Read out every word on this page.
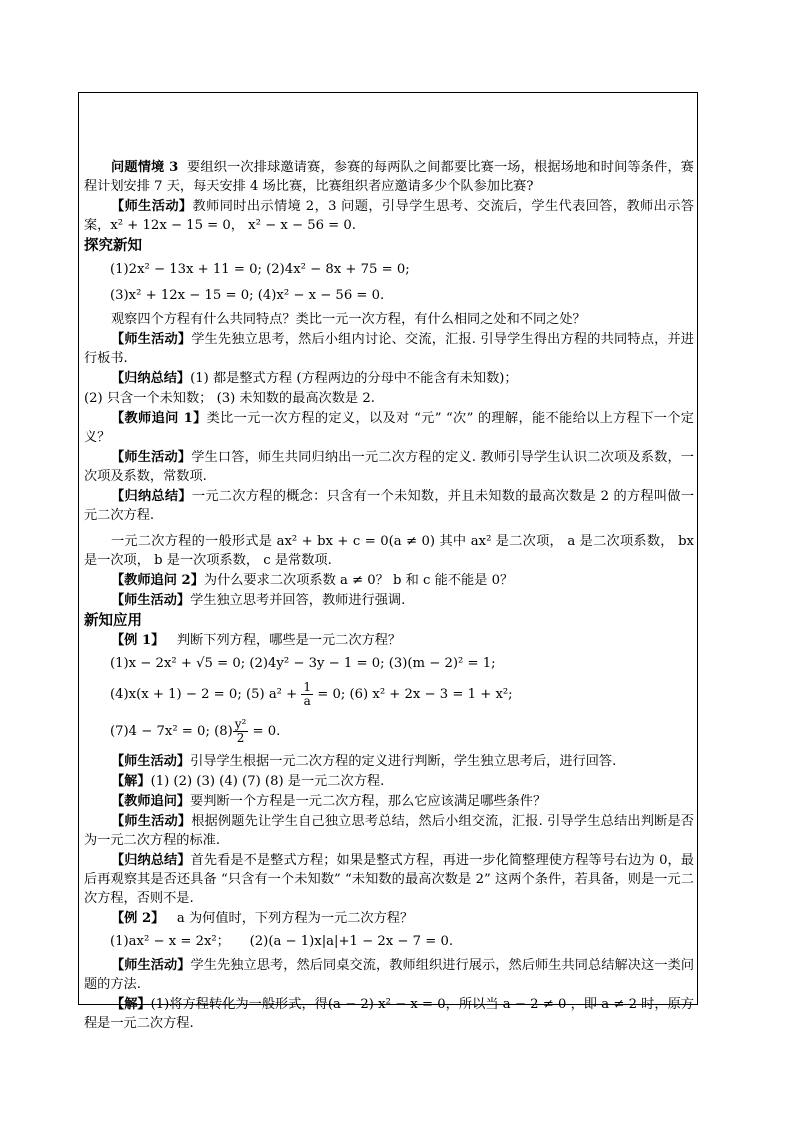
问题情境 3 要组织一次排球邀请赛，参赛的每两队之间都要比赛一场，根据场地和时间等条件，赛程计划安排 7 天，每天安排 4 场比赛，比赛组织者应邀请多少个队参加比赛?

【师生活动】教师同时出示情境 2，3 问题，引导学生思考、交流后，学生代表回答，教师出示答案，x² + 12x − 15 = 0， x² − x − 56 = 0.

探究新知

(1)2x² − 13x + 11 = 0; (2)4x² − 8x + 75 = 0;

(3)x² + 12x − 15 = 0; (4)x² − x − 56 = 0.

观察四个方程有什么共同特点？类比一元一次方程，有什么相同之处和不同之处？

【师生活动】学生先独立思考，然后小组内讨论、交流，汇报. 引导学生得出方程的共同特点，并进行板书.

【归纳总结】(1) 都是整式方程 (方程两边的分母中不能含有未知数)；

(2) 只含一个未知数； (3) 未知数的最高次数是 2.

【教师追问 1】类比一元一次方程的定义，以及对 “元” “次” 的理解，能不能给以上方程下一个定义？

【师生活动】学生口答，师生共同归纳出一元二次方程的定义. 教师引导学生认识二次项及系数，一次项及系数，常数项.

【归纳总结】一元二次方程的概念：只含有一个未知数，并且未知数的最高次数是 2 的方程叫做一元二次方程.

一元二次方程的一般形式是 ax² + bx + c = 0(a ≠ 0) 其中 ax² 是二次项， a 是二次项系数， bx 是一次项， b 是一次项系数， c 是常数项.

【教师追问 2】为什么要求二次项系数 a ≠ 0？ b 和 c 能不能是 0？

【师生活动】学生独立思考并回答，教师进行强调.

新知应用

【例 1】 判断下列方程，哪些是一元二次方程？

(1)x − 2x² + √5 = 0; (2)4y² − 3y − 1 = 0; (3)(m − 2)² = 1;

(4)x(x + 1) − 2 = 0; (5) $a^2 + \frac{1}{a} = 0$; (6) x² + 2x − 3 = 1 + x²;

(7)4 − 7x² = 0; $(8) \frac{\text{y²}}{2} = 0$.

【师生活动】引导学生根据一元二次方程的定义进行判断，学生独立思考后，进行回答.

【解】(1) (2) (3) (4) (7) (8) 是一元二次方程.

【教师追问】要判断一个方程是一元二次方程，那么它应该满足哪些条件？

【师生活动】根据例题先让学生自己独立思考总结，然后小组交流，汇报. 引导学生总结出判断是否为一元二次方程的标准.

【归纳总结】首先看是不是整式方程；如果是整式方程，再进一步化简整理使方程等号右边为 0，最后再观察其是否还具备 “只含有一个未知数” “未知数的最高次数是 2” 这两个条件，若具备，则是一元二次方程，否则不是.

【例 2】 a 为何值时，下列方程为一元二次方程？

(1)ax² − x = 2x²；　　(2)(a − 1)x|a|+1 − 2x − 7 = 0.

【师生活动】学生先独立思考，然后同桌交流，教师组织进行展示，然后师生共同总结解决这一类问题的方法.

【解】(1)将方程转化为一般形式，得(a − 2) x² − x = 0，所以当 a − 2 ≠ 0 ，即 a ≠ 2 时，原方程是一元二次方程.
